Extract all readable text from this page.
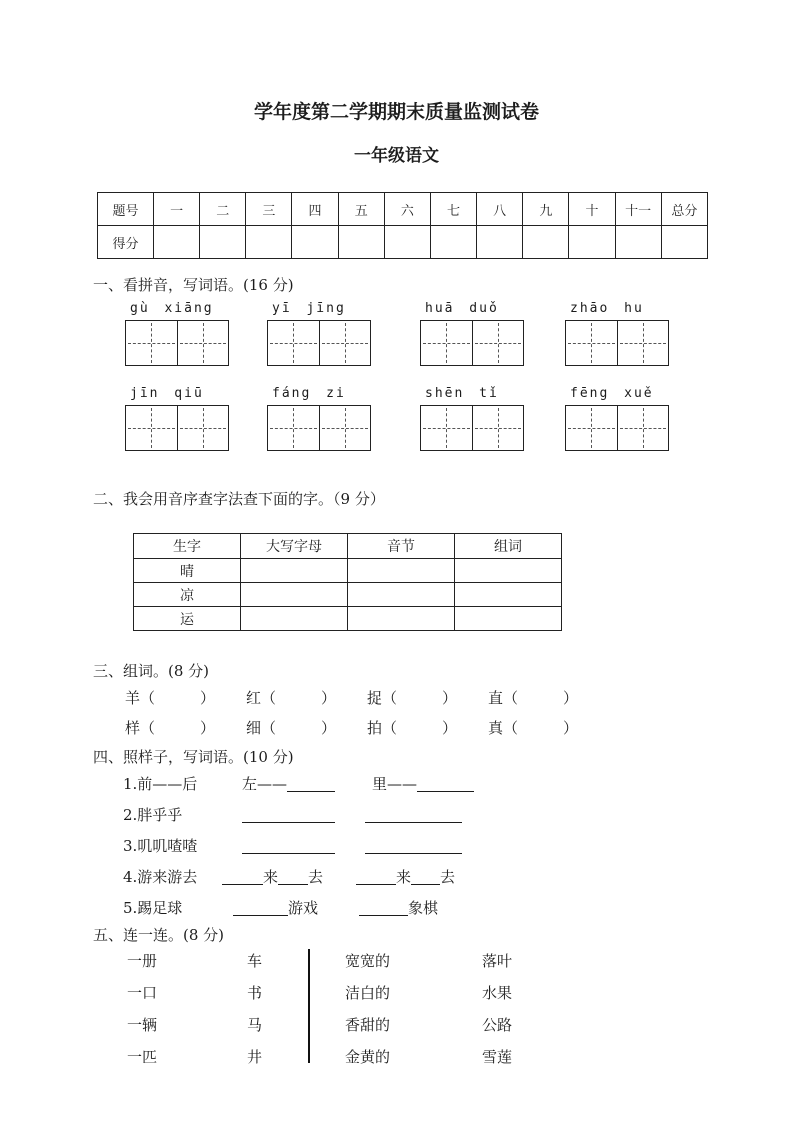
学年度第二学期期末质量监测试卷
一年级语文
题号	一	二	三	四	五	六	七	八	九	十	十一	总分
得分												
一、看拼音，写词语。(16 分)
gù xiāng	yī jīng	huā duǒ	zhāo hu
jīn qiū	fáng zi	shēn tǐ	fēng xuě
二、我会用音序查字法查下面的字。（9 分）
生字	大写字母	音节	组词
晴			
凉			
运			
三、组词。(8 分)
羊（　　　） 红（　　　） 捉（　　　） 直（　　　）
样（　　　） 细（　　　） 拍（　　　） 真（　　　）
四、照样子，写词语。(10 分)
1.前——后	左——	里——
2.胖乎乎
3.叽叽喳喳
4.游来游去	来 去	来 去
5.踢足球	游戏	象棋
五、连一连。(8 分)
一册	车	宽宽的	落叶
一口	书	洁白的	水果
一辆	马	香甜的	公路
一匹	井	金黄的	雪莲
